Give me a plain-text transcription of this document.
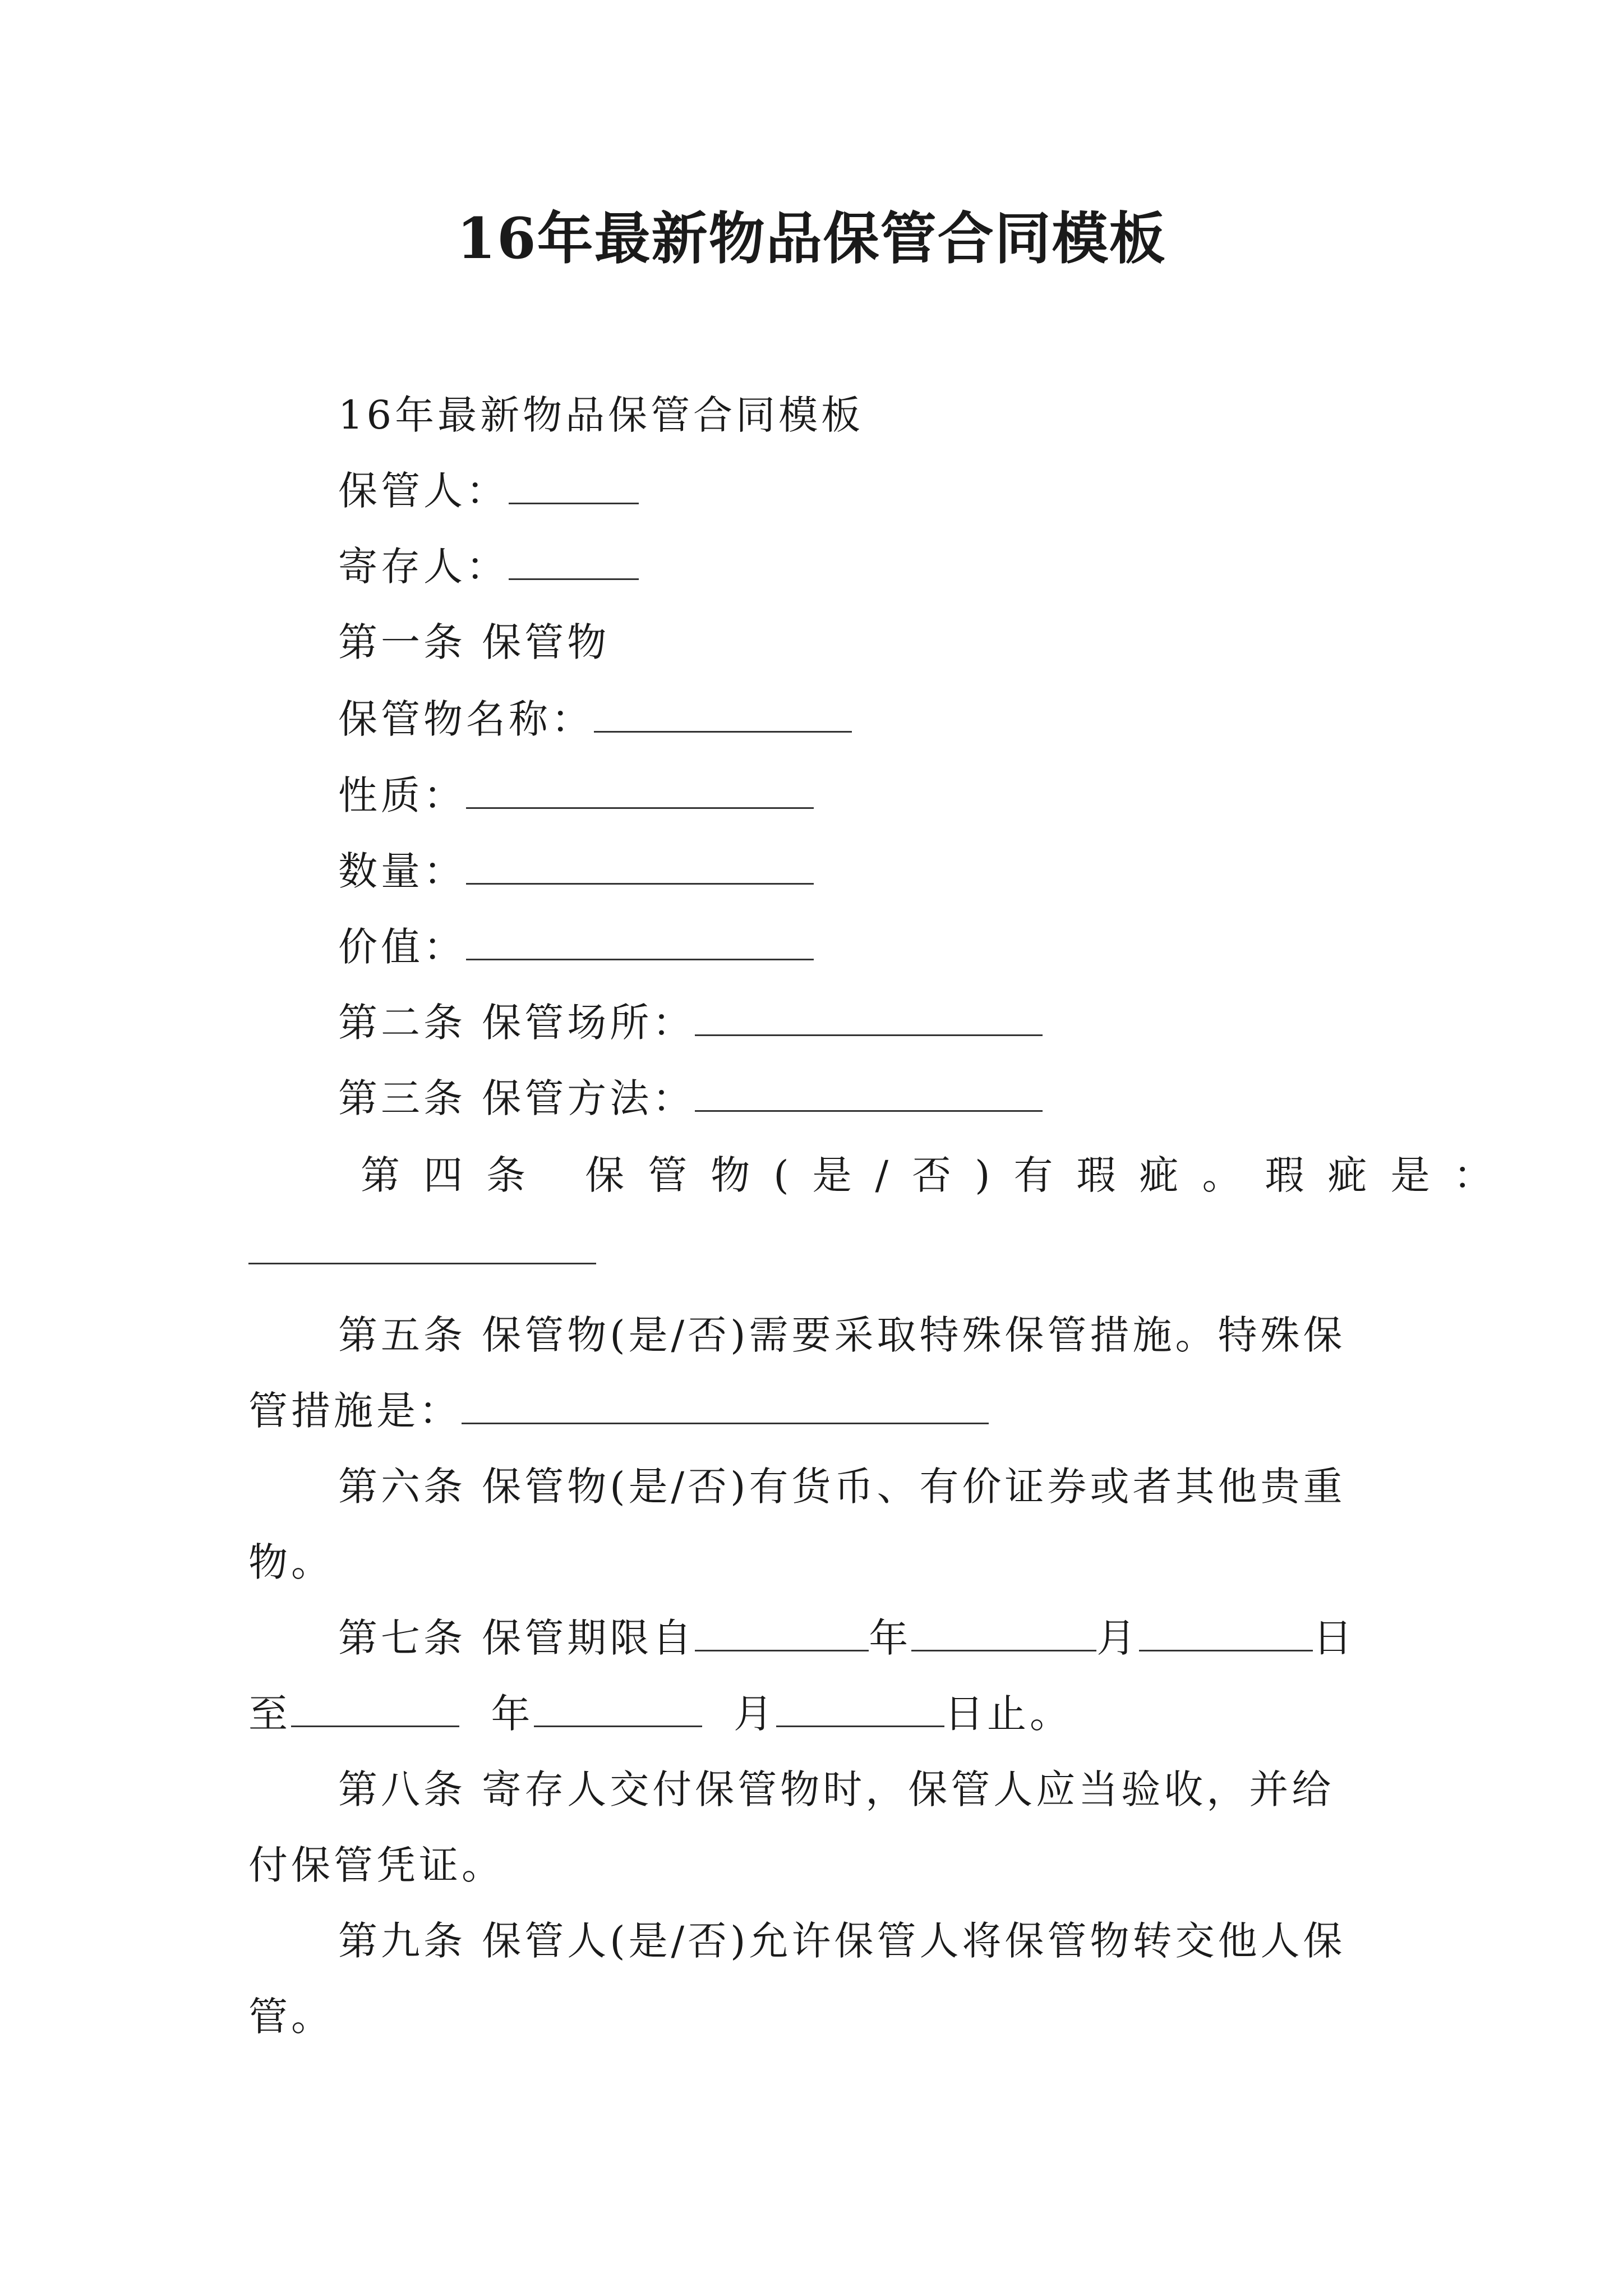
16年最新物品保管合同模板
16年最新物品保管合同模板
保管人：
寄存人：
第一条 保管物
保管物名称：
性质：
数量：
价值：
第二条 保管场所：
第三条 保管方法：
第四条 保管物(是/否)有瑕疵。瑕疵是：
第五条 保管物(是/否)需要采取特殊保管措施。特殊保
管措施是：
第六条 保管物(是/否)有货币、有价证券或者其他贵重
物。
第七条 保管期限自	年	月	日
至	年	月	日止。
第八条 寄存人交付保管物时，保管人应当验收，并给
付保管凭证。
第九条 保管人(是/否)允许保管人将保管物转交他人保
管。
